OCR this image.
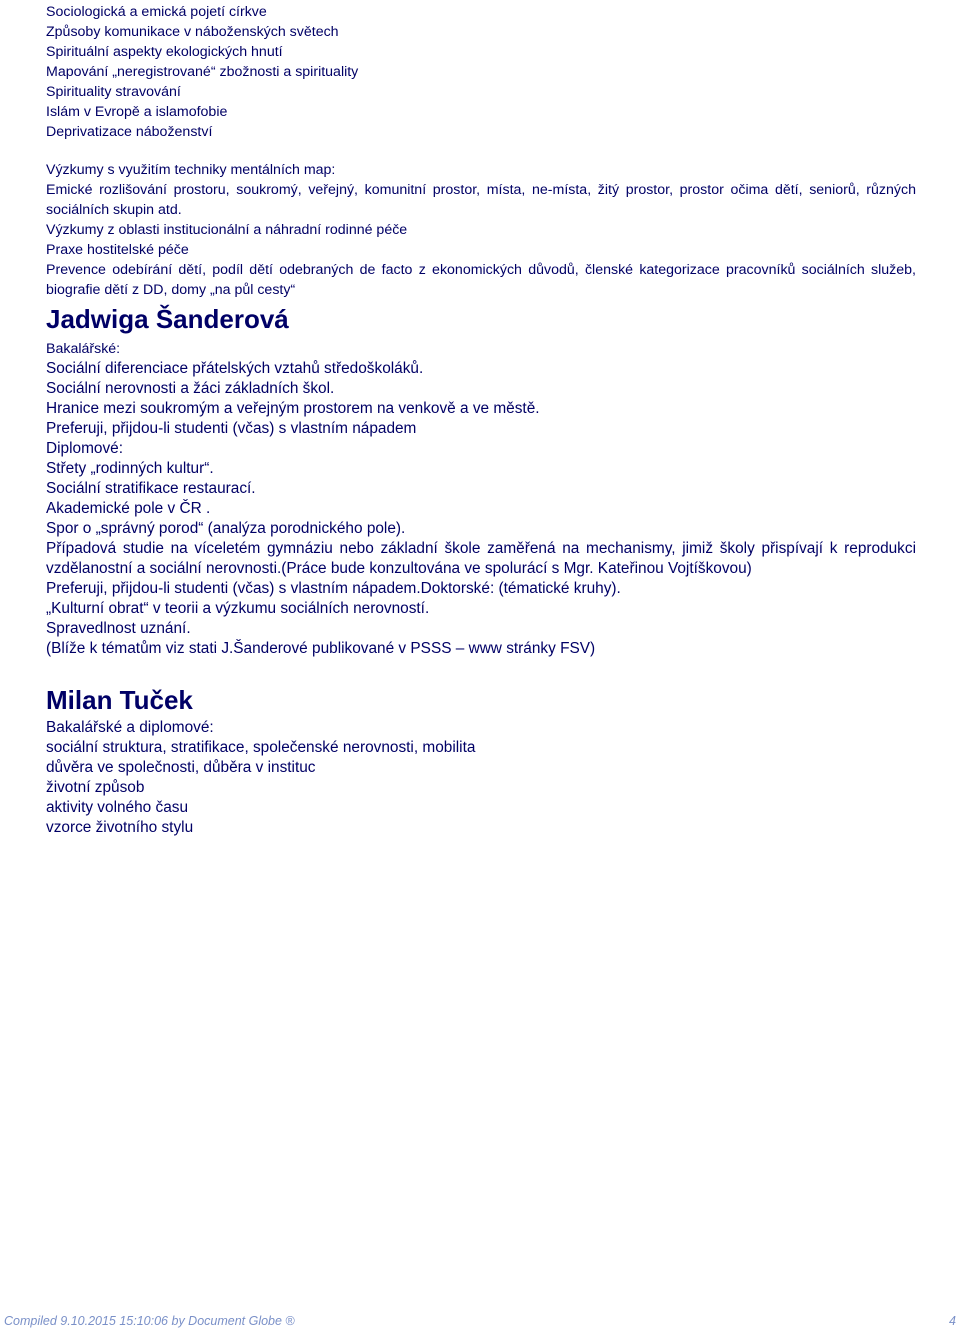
Sociologická a emická pojetí církve
Způsoby komunikace v náboženských světech
Spirituální aspekty ekologických hnutí
Mapování „neregistrované“ zbožnosti a spirituality
Spirituality stravování
Islám v Evropě a islamofobie
Deprivatizace náboženství
Výzkumy s využitím techniky mentálních map:
Emické rozlišování prostoru, soukromý, veřejný, komunitní prostor, místa, ne-místa, žitý prostor, prostor očima dětí, seniorů, různých sociálních skupin atd.
Výzkumy z oblasti institucionální a náhradní rodinné péče
Praxe hostitelské péče
Prevence odebírání dětí, podíl dětí odebraných de facto z ekonomických důvodů, členské kategorizace pracovníků sociálních služeb, biografie dětí z DD, domy „na půl cesty“
Jadwiga Šanderová
Bakalářské:
Sociální diferenciace přátelských vztahů středoškoláků.
Sociální nerovnosti a žáci základních škol.
Hranice mezi soukromým a veřejným prostorem na venkově a ve městě.
Preferuji, přijdou-li studenti (včas) s vlastním nápadem
Diplomové:
Střety „rodinných kultur“.
Sociální stratifikace restaurací.
Akademické pole v ČR .
Spor o „správný porod“ (analýza porodnického pole).
Případová studie na víceletém gymnáziu nebo základní škole zaměřená na mechanismy, jimiž školy přispívají k reprodukci vzdělanostní a sociální nerovnosti.(Práce bude konzultována ve spolurácí s Mgr. Kateřinou Vojtíškovou)
Preferuji, přijdou-li studenti (včas) s vlastním nápadem.Doktorské: (tématické kruhy).
„Kulturní obrat“ v teorii a výzkumu sociálních nerovností.
Spravedlnost uznání.
(Blíže k tématům viz stati J.Šanderové publikované v PSSS – www stránky FSV)
Milan Tuček
Bakalářské a diplomové:
sociální struktura, stratifikace, společenské nerovnosti, mobilita
důvěra ve společnosti, důběra v instituc
životní způsob
aktivity volného času
vzorce životního stylu
Compiled 9.10.2015 15:10:06 by Document Globe ®	4
